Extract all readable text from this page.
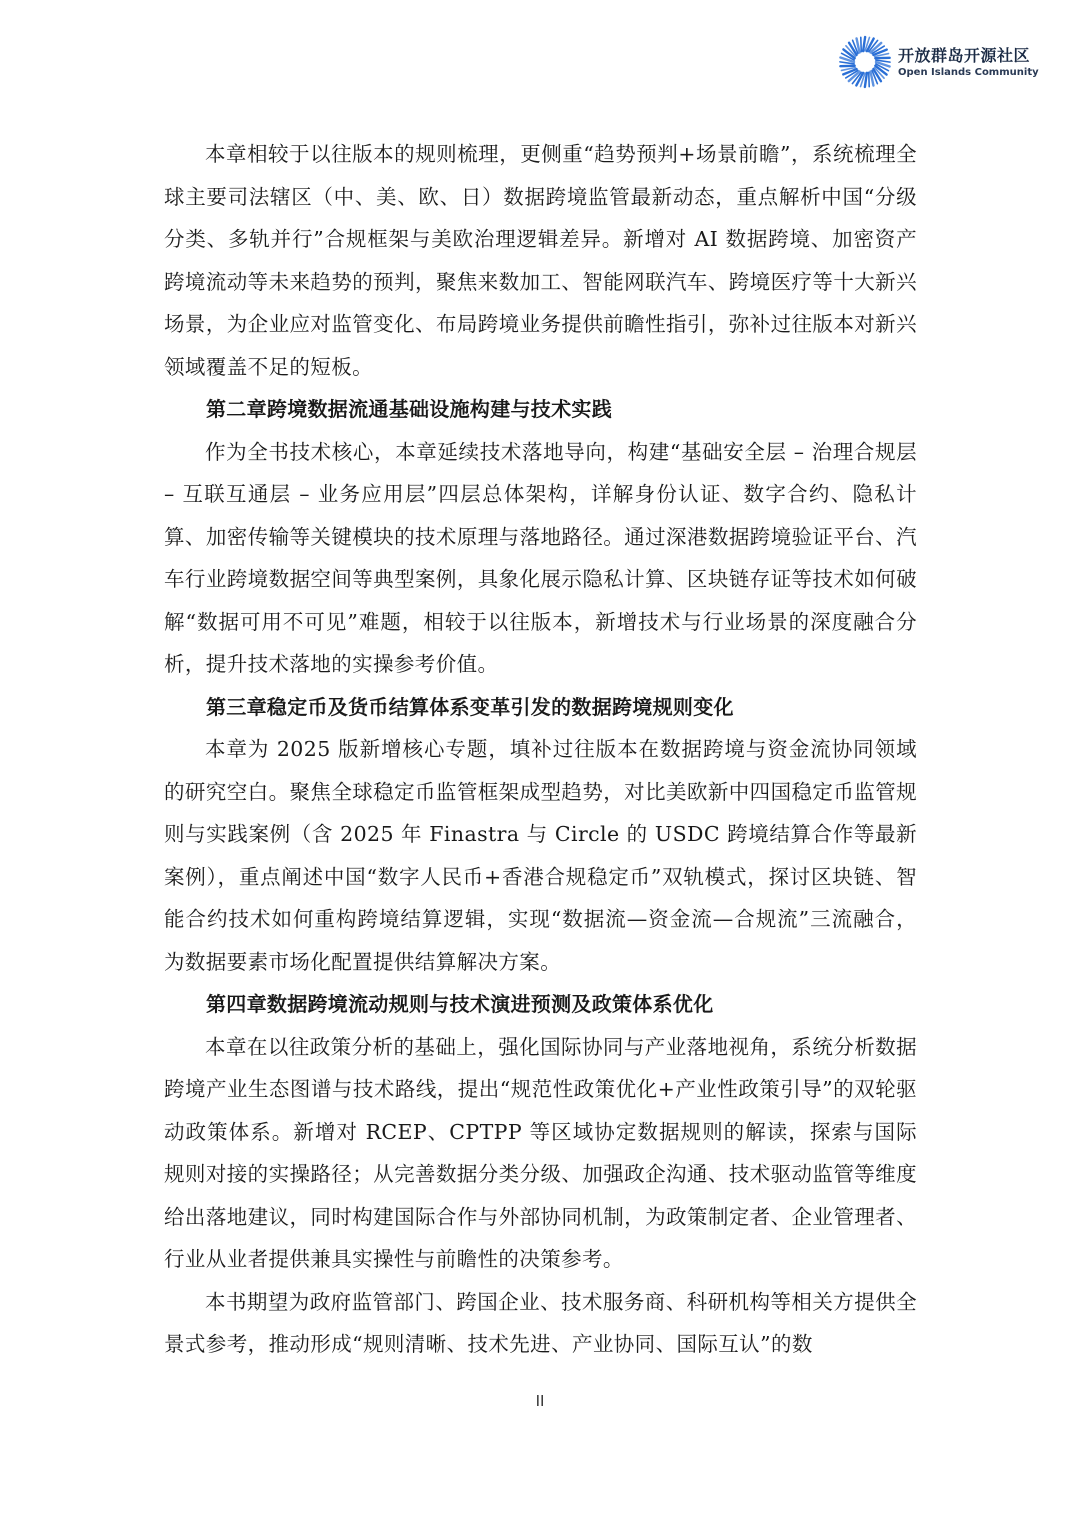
开放群岛开源社区
Open Islands Community

本章相较于以往版本的规则梳理，更侧重“趋势预判+场景前瞻”，系统梳理全球主要司法辖区（中、美、欧、日）数据跨境监管最新动态，重点解析中国“分级分类、多轨并行”合规框架与美欧治理逻辑差异。新增对 AI 数据跨境、加密资产跨境流动等未来趋势的预判，聚焦来数加工、智能网联汽车、跨境医疗等十大新兴场景，为企业应对监管变化、布局跨境业务提供前瞻性指引，弥补过往版本对新兴领域覆盖不足的短板。

第二章跨境数据流通基础设施构建与技术实践

作为全书技术核心，本章延续技术落地导向，构建“基础安全层 – 治理合规层 – 互联互通层 – 业务应用层”四层总体架构，详解身份认证、数字合约、隐私计算、加密传输等关键模块的技术原理与落地路径。通过深港数据跨境验证平台、汽车行业跨境数据空间等典型案例，具象化展示隐私计算、区块链存证等技术如何破解“数据可用不可见”难题，相较于以往版本，新增技术与行业场景的深度融合分析，提升技术落地的实操参考价值。

第三章稳定币及货币结算体系变革引发的数据跨境规则变化

本章为 2025 版新增核心专题，填补过往版本在数据跨境与资金流协同领域的研究空白。聚焦全球稳定币监管框架成型趋势，对比美欧新中四国稳定币监管规则与实践案例（含 2025 年 Finastra 与 Circle 的 USDC 跨境结算合作等最新案例），重点阐述中国“数字人民币+香港合规稳定币”双轨模式，探讨区块链、智能合约技术如何重构跨境结算逻辑，实现“数据流—资金流—合规流”三流融合，为数据要素市场化配置提供结算解决方案。

第四章数据跨境流动规则与技术演进预测及政策体系优化

本章在以往政策分析的基础上，强化国际协同与产业落地视角，系统分析数据跨境产业生态图谱与技术路线，提出“规范性政策优化+产业性政策引导”的双轮驱动政策体系。新增对 RCEP、CPTPP 等区域协定数据规则的解读，探索与国际规则对接的实操路径；从完善数据分类分级、加强政企沟通、技术驱动监管等维度给出落地建议，同时构建国际合作与外部协同机制，为政策制定者、企业管理者、行业从业者提供兼具实操性与前瞻性的决策参考。

本书期望为政府监管部门、跨国企业、技术服务商、科研机构等相关方提供全景式参考，推动形成“规则清晰、技术先进、产业协同、国际互认”的数

II
